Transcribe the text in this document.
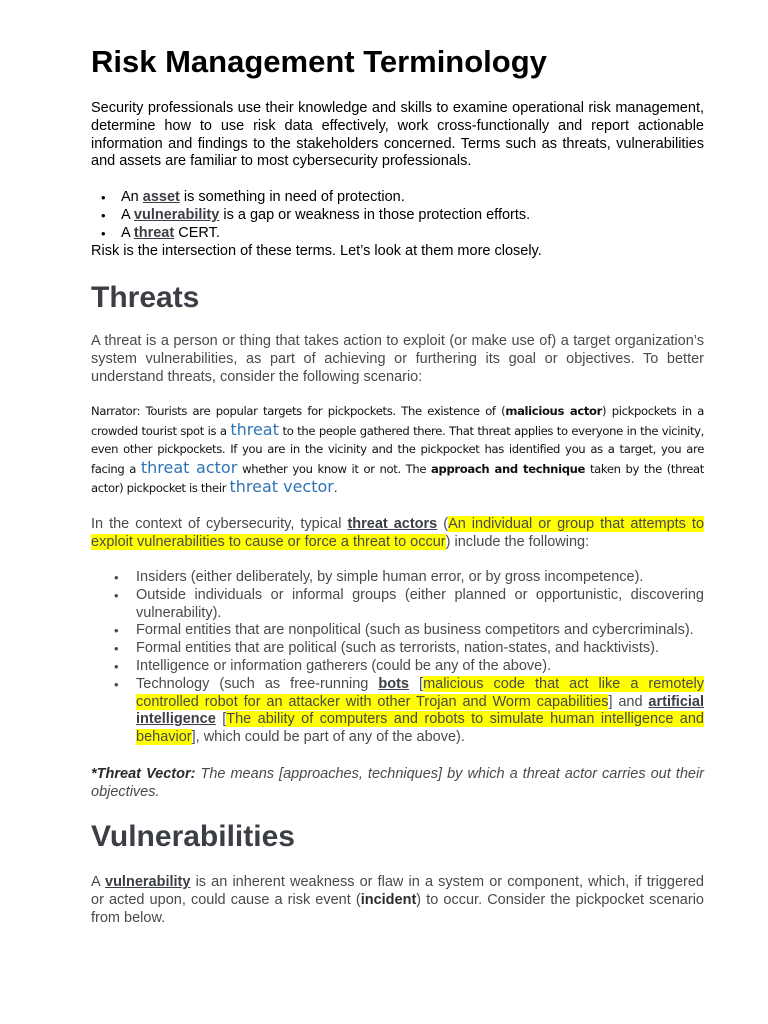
Risk Management Terminology

Security professionals use their knowledge and skills to examine operational risk management, determine how to use risk data effectively, work cross-functionally and report actionable information and findings to the stakeholders concerned. Terms such as threats, vulnerabilities and assets are familiar to most cybersecurity professionals.

• An asset is something in need of protection.
• A vulnerability is a gap or weakness in those protection efforts.
• A threat CERT.

Risk is the intersection of these terms. Let’s look at them more closely.

Threats

A threat is a person or thing that takes action to exploit (or make use of) a target organization’s system vulnerabilities, as part of achieving or furthering its goal or objectives. To better understand threats, consider the following scenario:

Narrator: Tourists are popular targets for pickpockets. The existence of (malicious actor) pickpockets in a crowded tourist spot is a threat to the people gathered there. That threat applies to everyone in the vicinity, even other pickpockets. If you are in the vicinity and the pickpocket has identified you as a target, you are facing a threat actor whether you know it or not. The approach and technique taken by the (threat actor) pickpocket is their threat vector.

In the context of cybersecurity, typical threat actors (An individual or group that attempts to exploit vulnerabilities to cause or force a threat to occur) include the following:

• Insiders (either deliberately, by simple human error, or by gross incompetence).
• Outside individuals or informal groups (either planned or opportunistic, discovering vulnerability).
• Formal entities that are nonpolitical (such as business competitors and cybercriminals).
• Formal entities that are political (such as terrorists, nation-states, and hacktivists).
• Intelligence or information gatherers (could be any of the above).
• Technology (such as free-running bots [malicious code that act like a remotely controlled robot for an attacker with other Trojan and Worm capabilities] and artificial intelligence [The ability of computers and robots to simulate human intelligence and behavior], which could be part of any of the above).

*Threat Vector: The means [approaches, techniques] by which a threat actor carries out their objectives.

Vulnerabilities

A vulnerability is an inherent weakness or flaw in a system or component, which, if triggered or acted upon, could cause a risk event (incident) to occur. Consider the pickpocket scenario from below.
